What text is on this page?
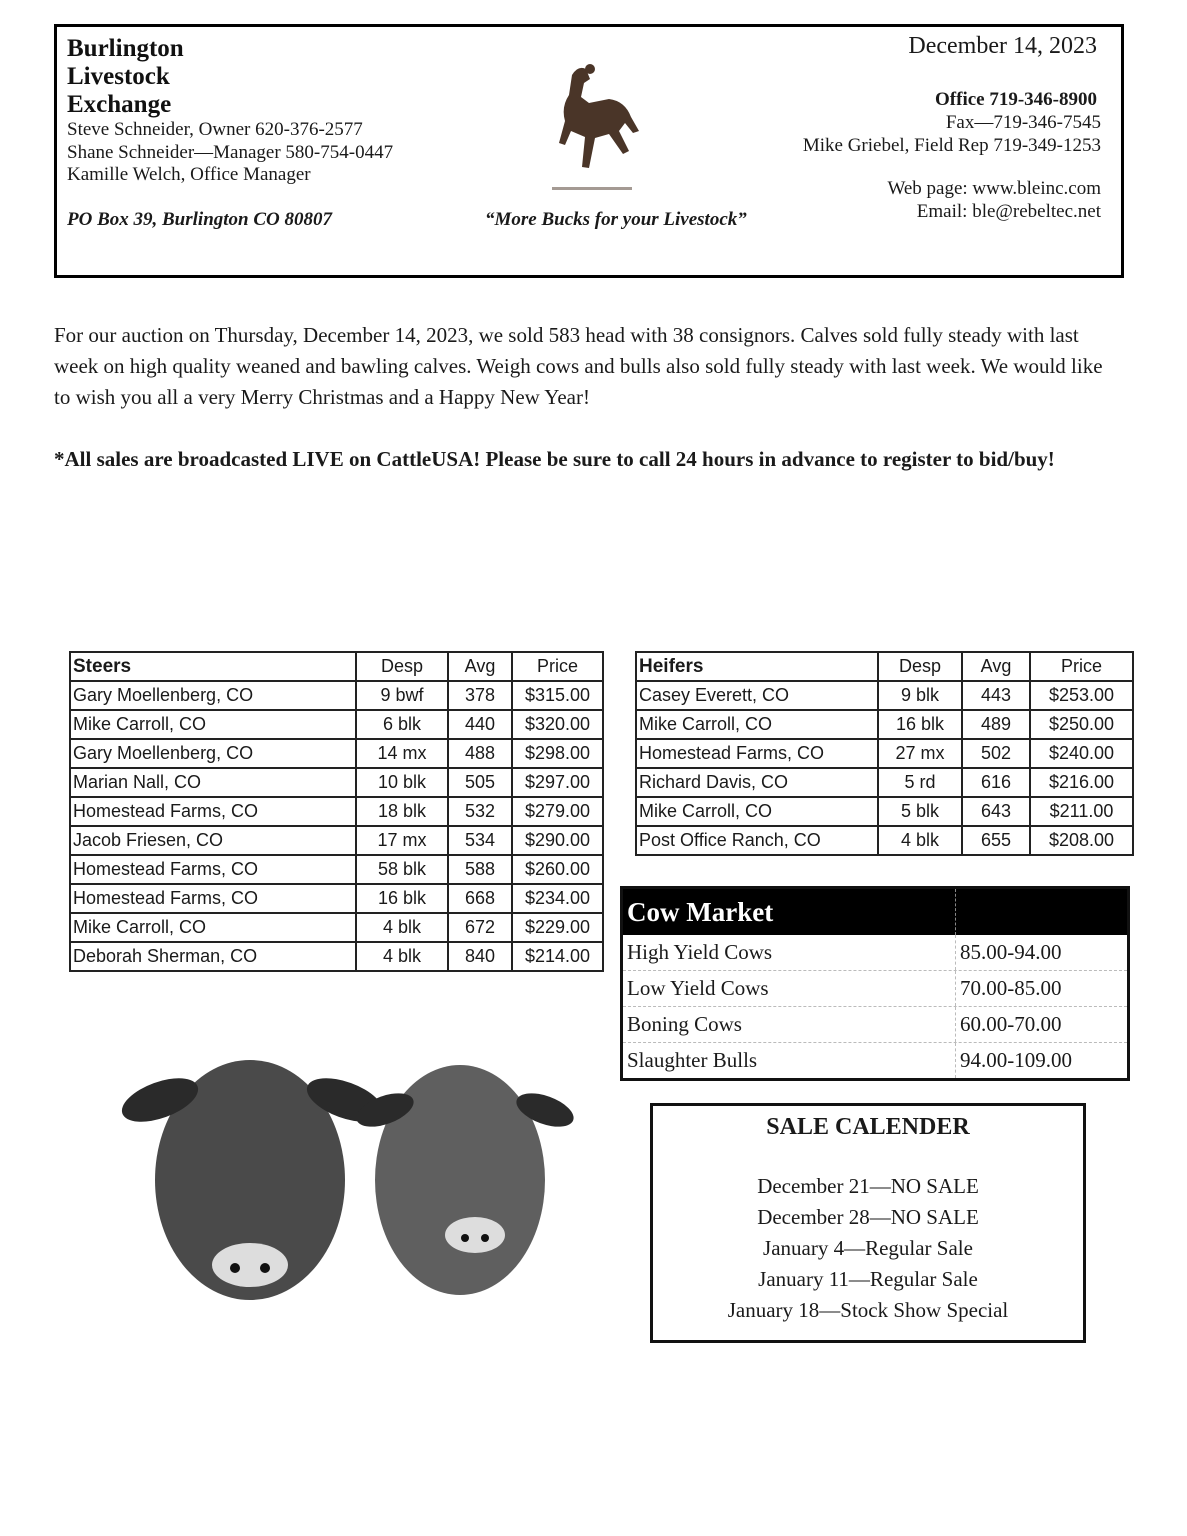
Burlington
Livestock
Exchange
Steve Schneider, Owner 620-376-2577
Shane Schneider—Manager 580-754-0447
Kamille Welch, Office Manager
PO Box 39, Burlington CO 80807	“More Bucks for your Livestock”
December 14, 2023
Office 719-346-8900
Fax—719-346-7545
Mike Griebel, Field Rep 719-349-1253
Web page: www.bleinc.com
Email: ble@rebeltec.net
For our auction on Thursday, December 14, 2023, we sold 583 head with 38 consignors. Calves sold fully steady with last week on high quality weaned and bawling calves. Weigh cows and bulls also sold fully steady with last week. We would like to wish you all a very Merry Christmas and a Happy New Year!
*All sales are broadcasted LIVE on CattleUSA! Please be sure to call 24 hours in advance to register to bid/buy!
Steers	Desp	Avg	Price
Gary Moellenberg, CO	9 bwf	378	$315.00
Mike Carroll, CO	6 blk	440	$320.00
Gary Moellenberg, CO	14 mx	488	$298.00
Marian Nall, CO	10 blk	505	$297.00
Homestead Farms, CO	18 blk	532	$279.00
Jacob Friesen, CO	17 mx	534	$290.00
Homestead Farms, CO	58 blk	588	$260.00
Homestead Farms, CO	16 blk	668	$234.00
Mike Carroll, CO	4 blk	672	$229.00
Deborah Sherman, CO	4 blk	840	$214.00
Heifers	Desp	Avg	Price
Casey Everett, CO	9 blk	443	$253.00
Mike Carroll, CO	16 blk	489	$250.00
Homestead Farms, CO	27 mx	502	$240.00
Richard Davis, CO	5 rd	616	$216.00
Mike Carroll, CO	5 blk	643	$211.00
Post Office Ranch, CO	4 blk	655	$208.00
Cow Market
High Yield Cows	85.00-94.00
Low Yield Cows	70.00-85.00
Boning Cows	60.00-70.00
Slaughter Bulls	94.00-109.00
SALE CALENDER
December 21—NO SALE
December 28—NO SALE
January 4—Regular Sale
January 11—Regular Sale
January 18—Stock Show Special
